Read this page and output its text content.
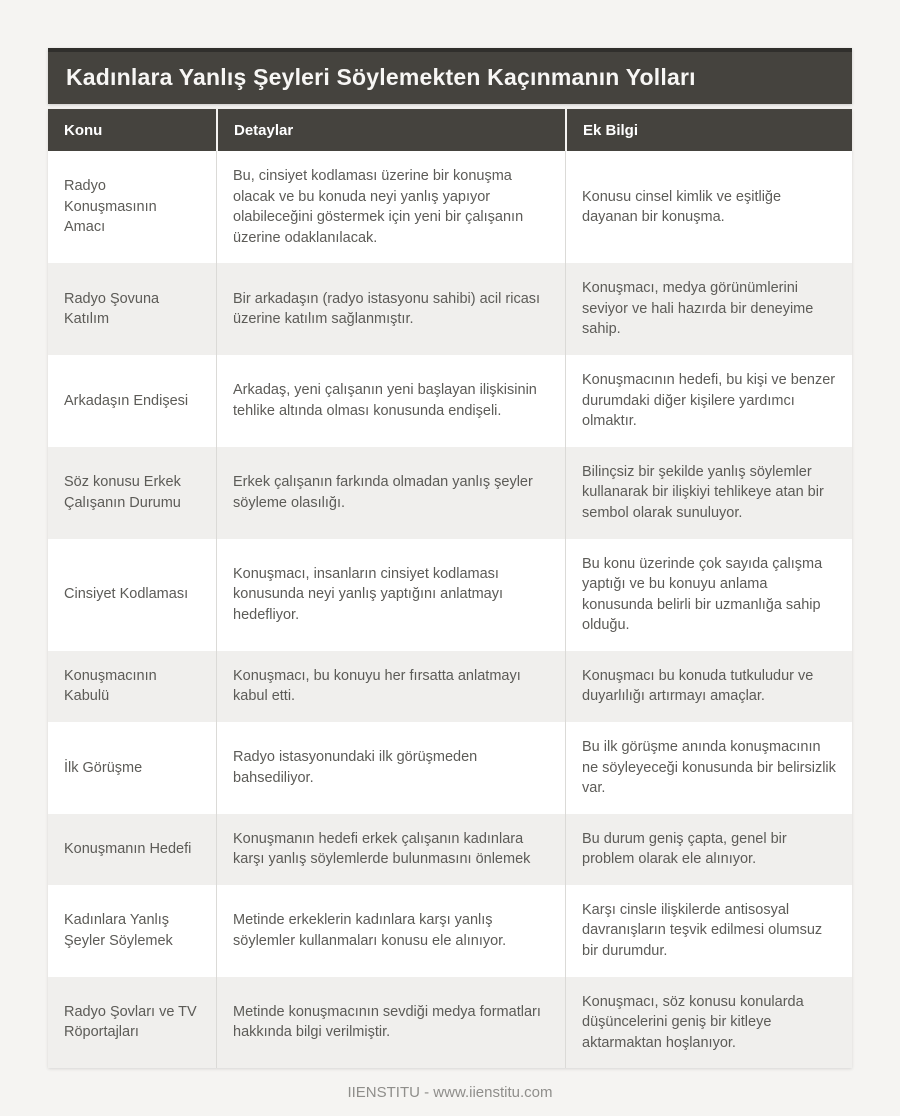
Kadınlara Yanlış Şeyleri Söylemekten Kaçınmanın Yolları
Konu	Detaylar	Ek Bilgi
Radyo Konuşmasının Amacı	Bu, cinsiyet kodlaması üzerine bir konuşma olacak ve bu konuda neyi yanlış yapıyor olabileceğini göstermek için yeni bir çalışanın üzerine odaklanılacak.	Konusu cinsel kimlik ve eşitliğe dayanan bir konuşma.
Radyo Şovuna Katılım	Bir arkadaşın (radyo istasyonu sahibi) acil ricası üzerine katılım sağlanmıştır.	Konuşmacı, medya görünümlerini seviyor ve hali hazırda bir deneyime sahip.
Arkadaşın Endişesi	Arkadaş, yeni çalışanın yeni başlayan ilişkisinin tehlike altında olması konusunda endişeli.	Konuşmacının hedefi, bu kişi ve benzer durumdaki diğer kişilere yardımcı olmaktır.
Söz konusu Erkek Çalışanın Durumu	Erkek çalışanın farkında olmadan yanlış şeyler söyleme olasılığı.	Bilinçsiz bir şekilde yanlış söylemler kullanarak bir ilişkiyi tehlikeye atan bir sembol olarak sunuluyor.
Cinsiyet Kodlaması	Konuşmacı, insanların cinsiyet kodlaması konusunda neyi yanlış yaptığını anlatmayı hedefliyor.	Bu konu üzerinde çok sayıda çalışma yaptığı ve bu konuyu anlama konusunda belirli bir uzmanlığa sahip olduğu.
Konuşmacının Kabulü	Konuşmacı, bu konuyu her fırsatta anlatmayı kabul etti.	Konuşmacı bu konuda tutkuludur ve duyarlılığı artırmayı amaçlar.
İlk Görüşme	Radyo istasyonundaki ilk görüşmeden bahsediliyor.	Bu ilk görüşme anında konuşmacının ne söyleyeceği konusunda bir belirsizlik var.
Konuşmanın Hedefi	Konuşmanın hedefi erkek çalışanın kadınlara karşı yanlış söylemlerde bulunmasını önlemek	Bu durum geniş çapta, genel bir problem olarak ele alınıyor.
Kadınlara Yanlış Şeyler Söylemek	Metinde erkeklerin kadınlara karşı yanlış söylemler kullanmaları konusu ele alınıyor.	Karşı cinsle ilişkilerde antisosyal davranışların teşvik edilmesi olumsuz bir durumdur.
Radyo Şovları ve TV Röportajları	Metinde konuşmacının sevdiği medya formatları hakkında bilgi verilmiştir.	Konuşmacı, söz konusu konularda düşüncelerini geniş bir kitleye aktarmaktan hoşlanıyor.
IIENSTITU - www.iienstitu.com
